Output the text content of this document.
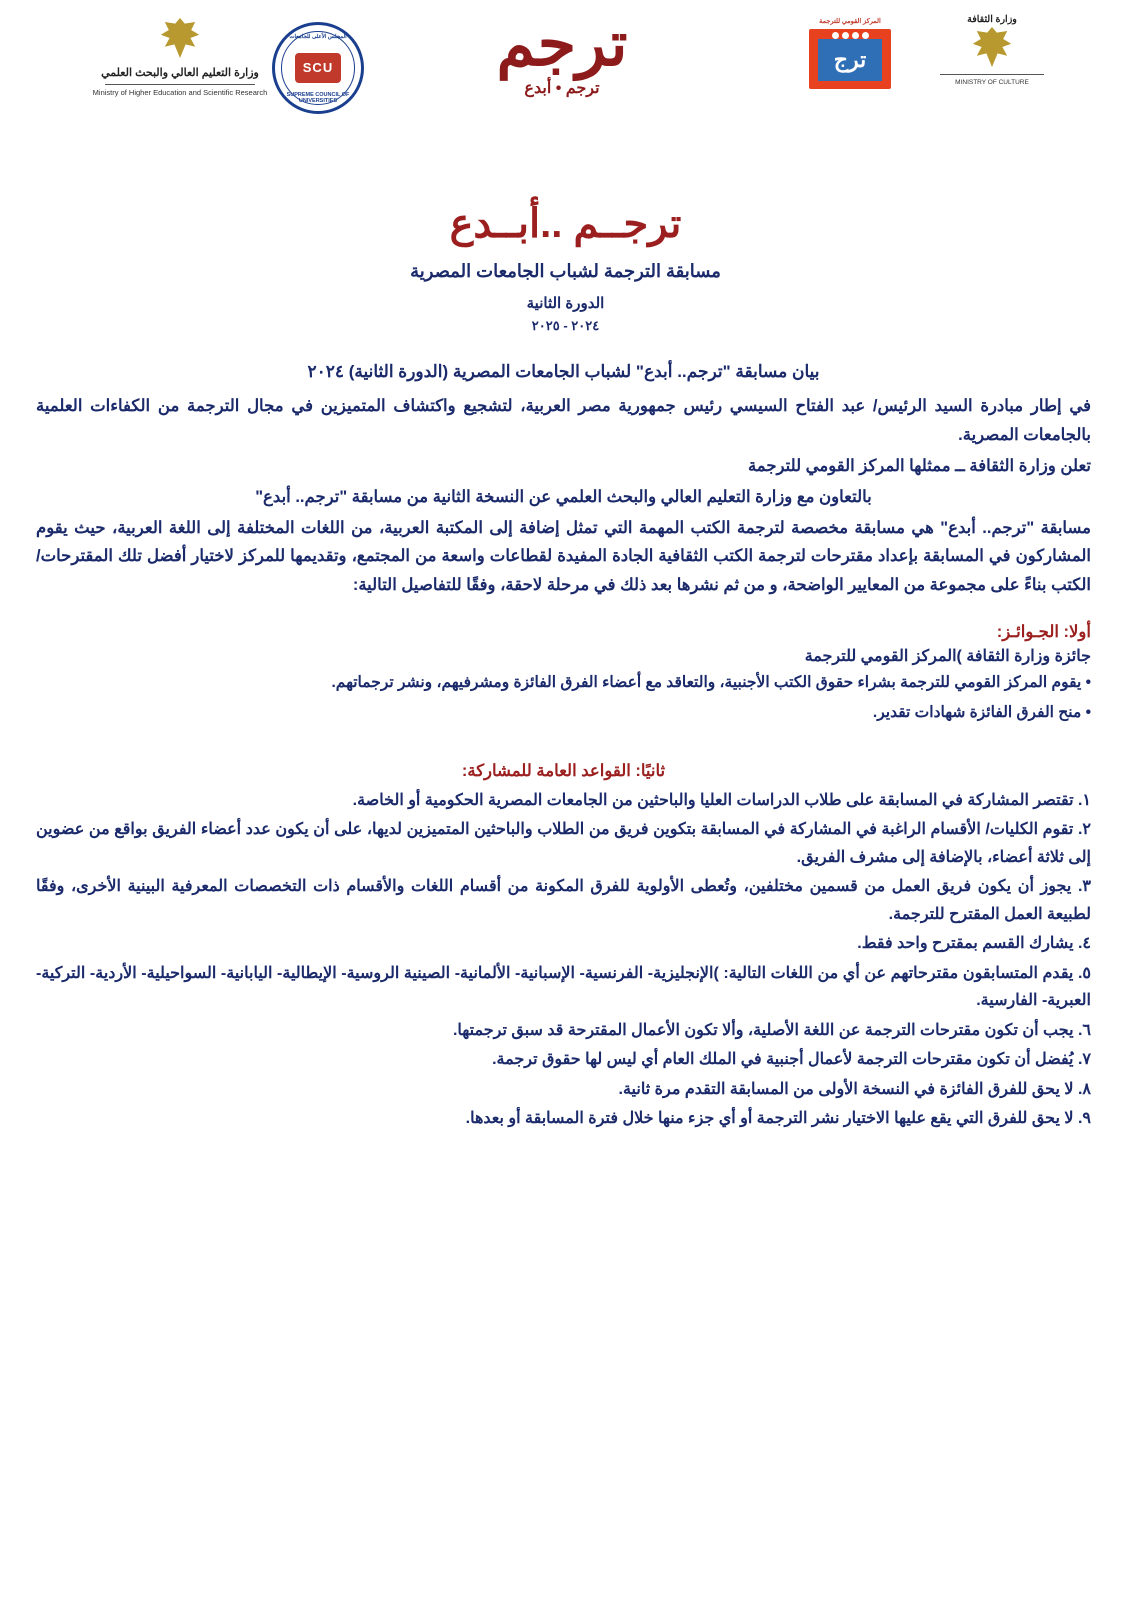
وزارة التعليم العالي والبحث العلمي
Ministry of Higher Education and Scientific Research
المجلس الأعلى للجامعات
SCU
SUPREME COUNCIL OF UNIVERSITIES
ترجم
ترجم • أبدع
المركز القومي للترجمة
ترج
وزارة الثقافة
MINISTRY OF CULTURE
ترجــم ..أبــدع
مسابقة الترجمة لشباب الجامعات المصرية
الدورة الثانية
٢٠٢٤ - ٢٠٢٥
بيان مسابقة "ترجم.. أبدع" لشباب الجامعات المصرية (الدورة الثانية) ٢٠٢٤

في إطار مبادرة السيد الرئيس/ عبد الفتاح السيسي رئيس جمهورية مصر العربية، لتشجيع واكتشاف المتميزين في مجال الترجمة من الكفاءات العلمية بالجامعات المصرية.

تعلن وزارة الثقافة ــ ممثلها المركز القومي للترجمة

بالتعاون مع وزارة التعليم العالي والبحث العلمي عن النسخة الثانية من مسابقة "ترجم.. أبدع"

مسابقة "ترجم.. أبدع" هي مسابقة مخصصة لترجمة الكتب المهمة التي تمثل إضافة إلى المكتبة العربية، من اللغات المختلفة إلى اللغة العربية، حيث يقوم المشاركون في المسابقة بإعداد مقترحات لترجمة الكتب الثقافية الجادة المفيدة لقطاعات واسعة من المجتمع، وتقديمها للمركز لاختيار أفضل تلك المقترحات/ الكتب بناءً على مجموعة من المعايير الواضحة، و من ثم نشرها بعد ذلك في مرحلة لاحقة، وفقًا للتفاصيل التالية:

أولا: الجـوائـز:
جائزة وزارة الثقافة )المركز القومي للترجمة
• يقوم المركز القومي للترجمة بشراء حقوق الكتب الأجنبية، والتعاقد مع أعضاء الفرق الفائزة ومشرفيهم، ونشر ترجماتهم.
• منح الفرق الفائزة شهادات تقدير.
ثانيًا: القواعد العامة للمشاركة:
١. تقتصر المشاركة في المسابقة على طلاب الدراسات العليا والباحثين من الجامعات المصرية الحكومية أو الخاصة.
٢. تقوم الكليات/ الأقسام الراغبة في المشاركة في المسابقة بتكوين فريق من الطلاب والباحثين المتميزين لديها، على أن يكون عدد أعضاء الفريق بواقع من عضوين إلى ثلاثة أعضاء، بالإضافة إلى مشرف الفريق.
٣. يجوز أن يكون فريق العمل من قسمين مختلفين، وتُعطى الأولوية للفرق المكونة من أقسام اللغات والأقسام ذات التخصصات المعرفية البينية الأخرى، وفقًا لطبيعة العمل المقترح للترجمة.
٤. يشارك القسم بمقترح واحد فقط.
٥. يقدم المتسابقون مقترحاتهم عن أي من اللغات التالية: )الإنجليزية- الفرنسية- الإسبانية- الألمانية- الصينية الروسية- الإيطالية- اليابانية- السواحيلية- الأردية- التركية- العبرية- الفارسية.
٦. يجب أن تكون مقترحات الترجمة عن اللغة الأصلية، وألا تكون الأعمال المقترحة قد سبق ترجمتها.
٧. يُفضل أن تكون مقترحات الترجمة لأعمال أجنبية في الملك العام أي ليس لها حقوق ترجمة.
٨. لا يحق للفرق الفائزة في النسخة الأولى من المسابقة التقدم مرة ثانية.
٩. لا يحق للفرق التي يقع عليها الاختيار نشر الترجمة أو أي جزء منها خلال فترة المسابقة أو بعدها.
